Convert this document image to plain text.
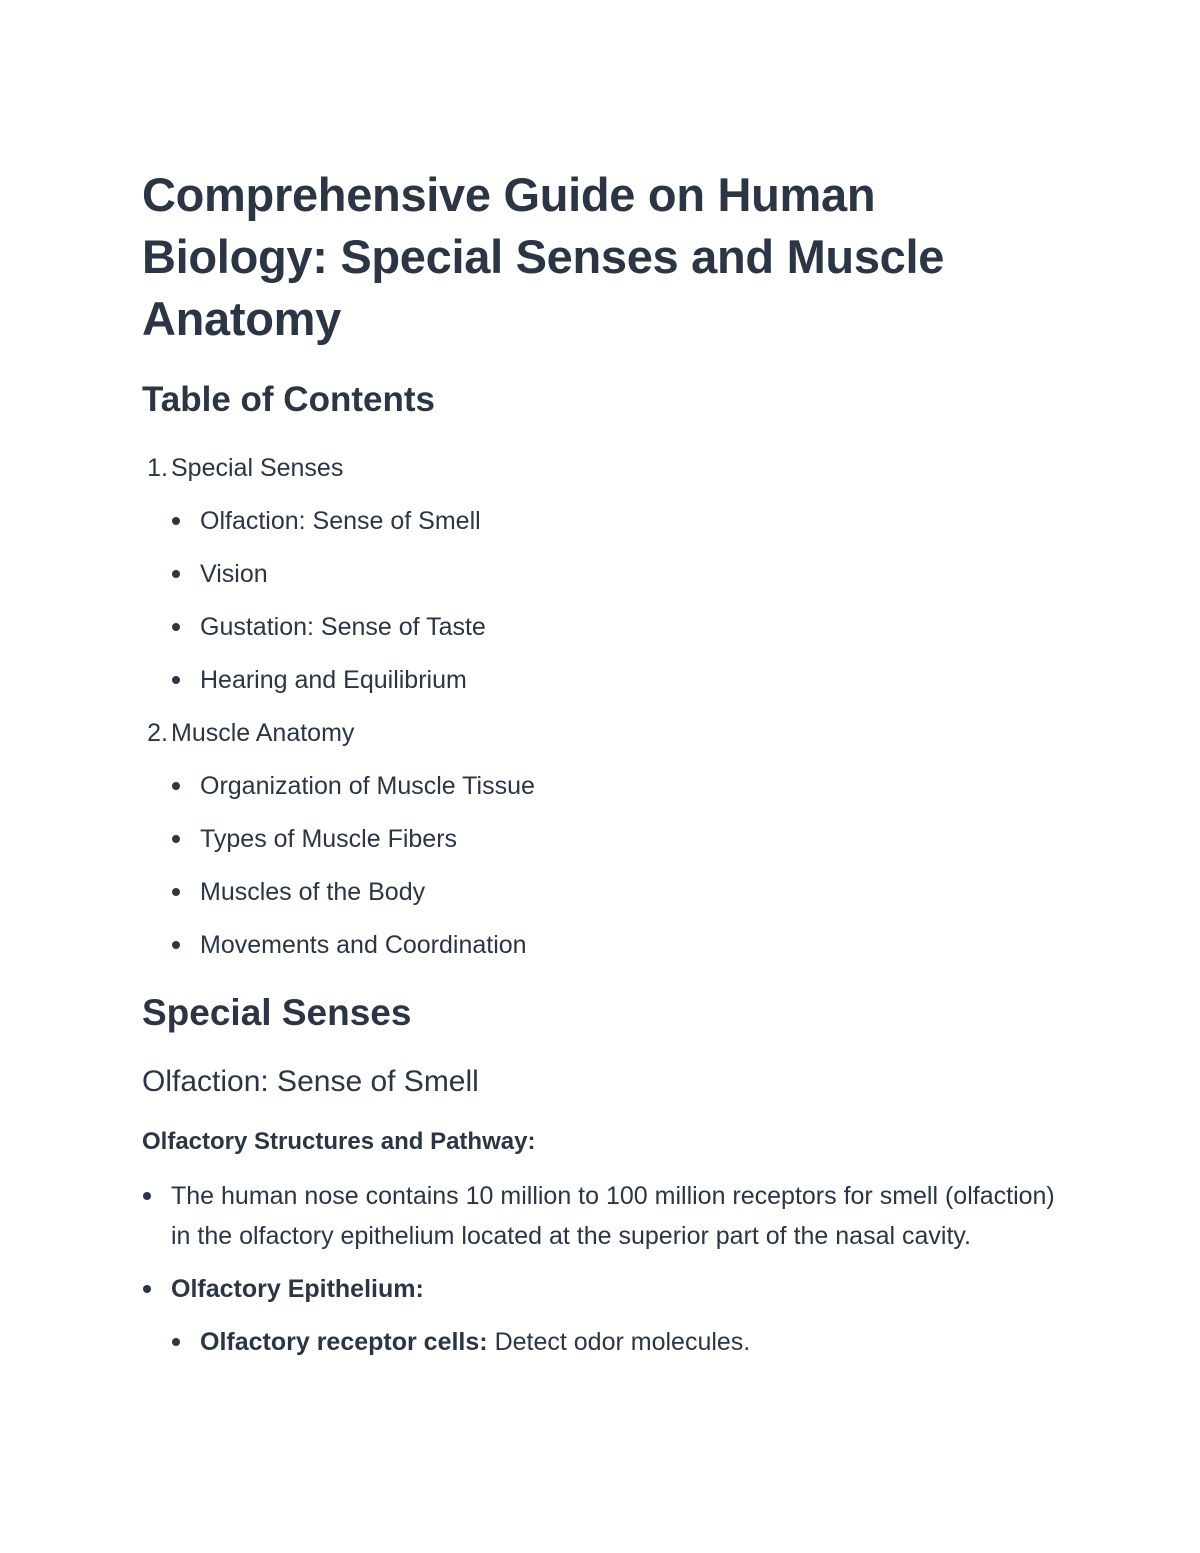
Comprehensive Guide on Human Biology: Special Senses and Muscle Anatomy
Table of Contents
1. Special Senses
Olfaction: Sense of Smell
Vision
Gustation: Sense of Taste
Hearing and Equilibrium
2. Muscle Anatomy
Organization of Muscle Tissue
Types of Muscle Fibers
Muscles of the Body
Movements and Coordination
Special Senses
Olfaction: Sense of Smell

Olfactory Structures and Pathway:

The human nose contains 10 million to 100 million receptors for smell (olfaction) in the olfactory epithelium located at the superior part of the nasal cavity.
Olfactory Epithelium:
Olfactory receptor cells: Detect odor molecules.
